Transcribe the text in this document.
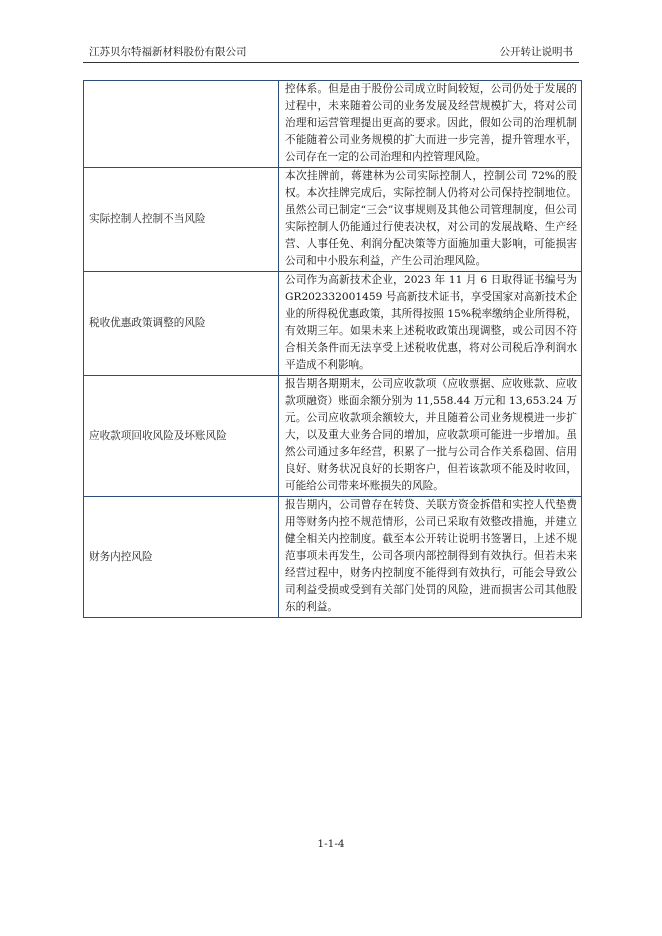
江苏贝尔特福新材料股份有限公司	公开转让说明书
	控体系。但是由于股份公司成立时间较短，公司仍处于发展的过程中，未来随着公司的业务发展及经营规模扩大，将对公司治理和运营管理提出更高的要求。因此，假如公司的治理机制不能随着公司业务规模的扩大而进一步完善，提升管理水平，公司存在一定的公司治理和内控管理风险。
实际控制人控制不当风险	本次挂牌前，蒋建林为公司实际控制人，控制公司 72%的股权。本次挂牌完成后，实际控制人仍将对公司保持控制地位。虽然公司已制定“三会”议事规则及其他公司管理制度，但公司实际控制人仍能通过行使表决权，对公司的发展战略、生产经营、人事任免、利润分配决策等方面施加重大影响，可能损害公司和中小股东利益，产生公司治理风险。
税收优惠政策调整的风险	公司作为高新技术企业，2023 年 11 月 6 日取得证书编号为 GR202332001459 号高新技术证书，享受国家对高新技术企业的所得税优惠政策，其所得按照 15%税率缴纳企业所得税，有效期三年。如果未来上述税收政策出现调整，或公司因不符合相关条件而无法享受上述税收优惠，将对公司税后净利润水平造成不利影响。
应收款项回收风险及坏账风险	报告期各期期末，公司应收款项（应收票据、应收账款、应收款项融资）账面余额分别为 11,558.44 万元和 13,653.24 万元。公司应收款项余额较大，并且随着公司业务规模进一步扩大，以及重大业务合同的增加，应收款项可能进一步增加。虽然公司通过多年经营，积累了一批与公司合作关系稳固、信用良好、财务状况良好的长期客户，但若该款项不能及时收回，可能给公司带来坏账损失的风险。
财务内控风险	报告期内，公司曾存在转贷、关联方资金拆借和实控人代垫费用等财务内控不规范情形，公司已采取有效整改措施，并建立健全相关内控制度。截至本公开转让说明书签署日，上述不规范事项未再发生，公司各项内部控制得到有效执行。但若未来经营过程中，财务内控制度不能得到有效执行，可能会导致公司利益受损或受到有关部门处罚的风险，进而损害公司其他股东的利益。
1-1-4
